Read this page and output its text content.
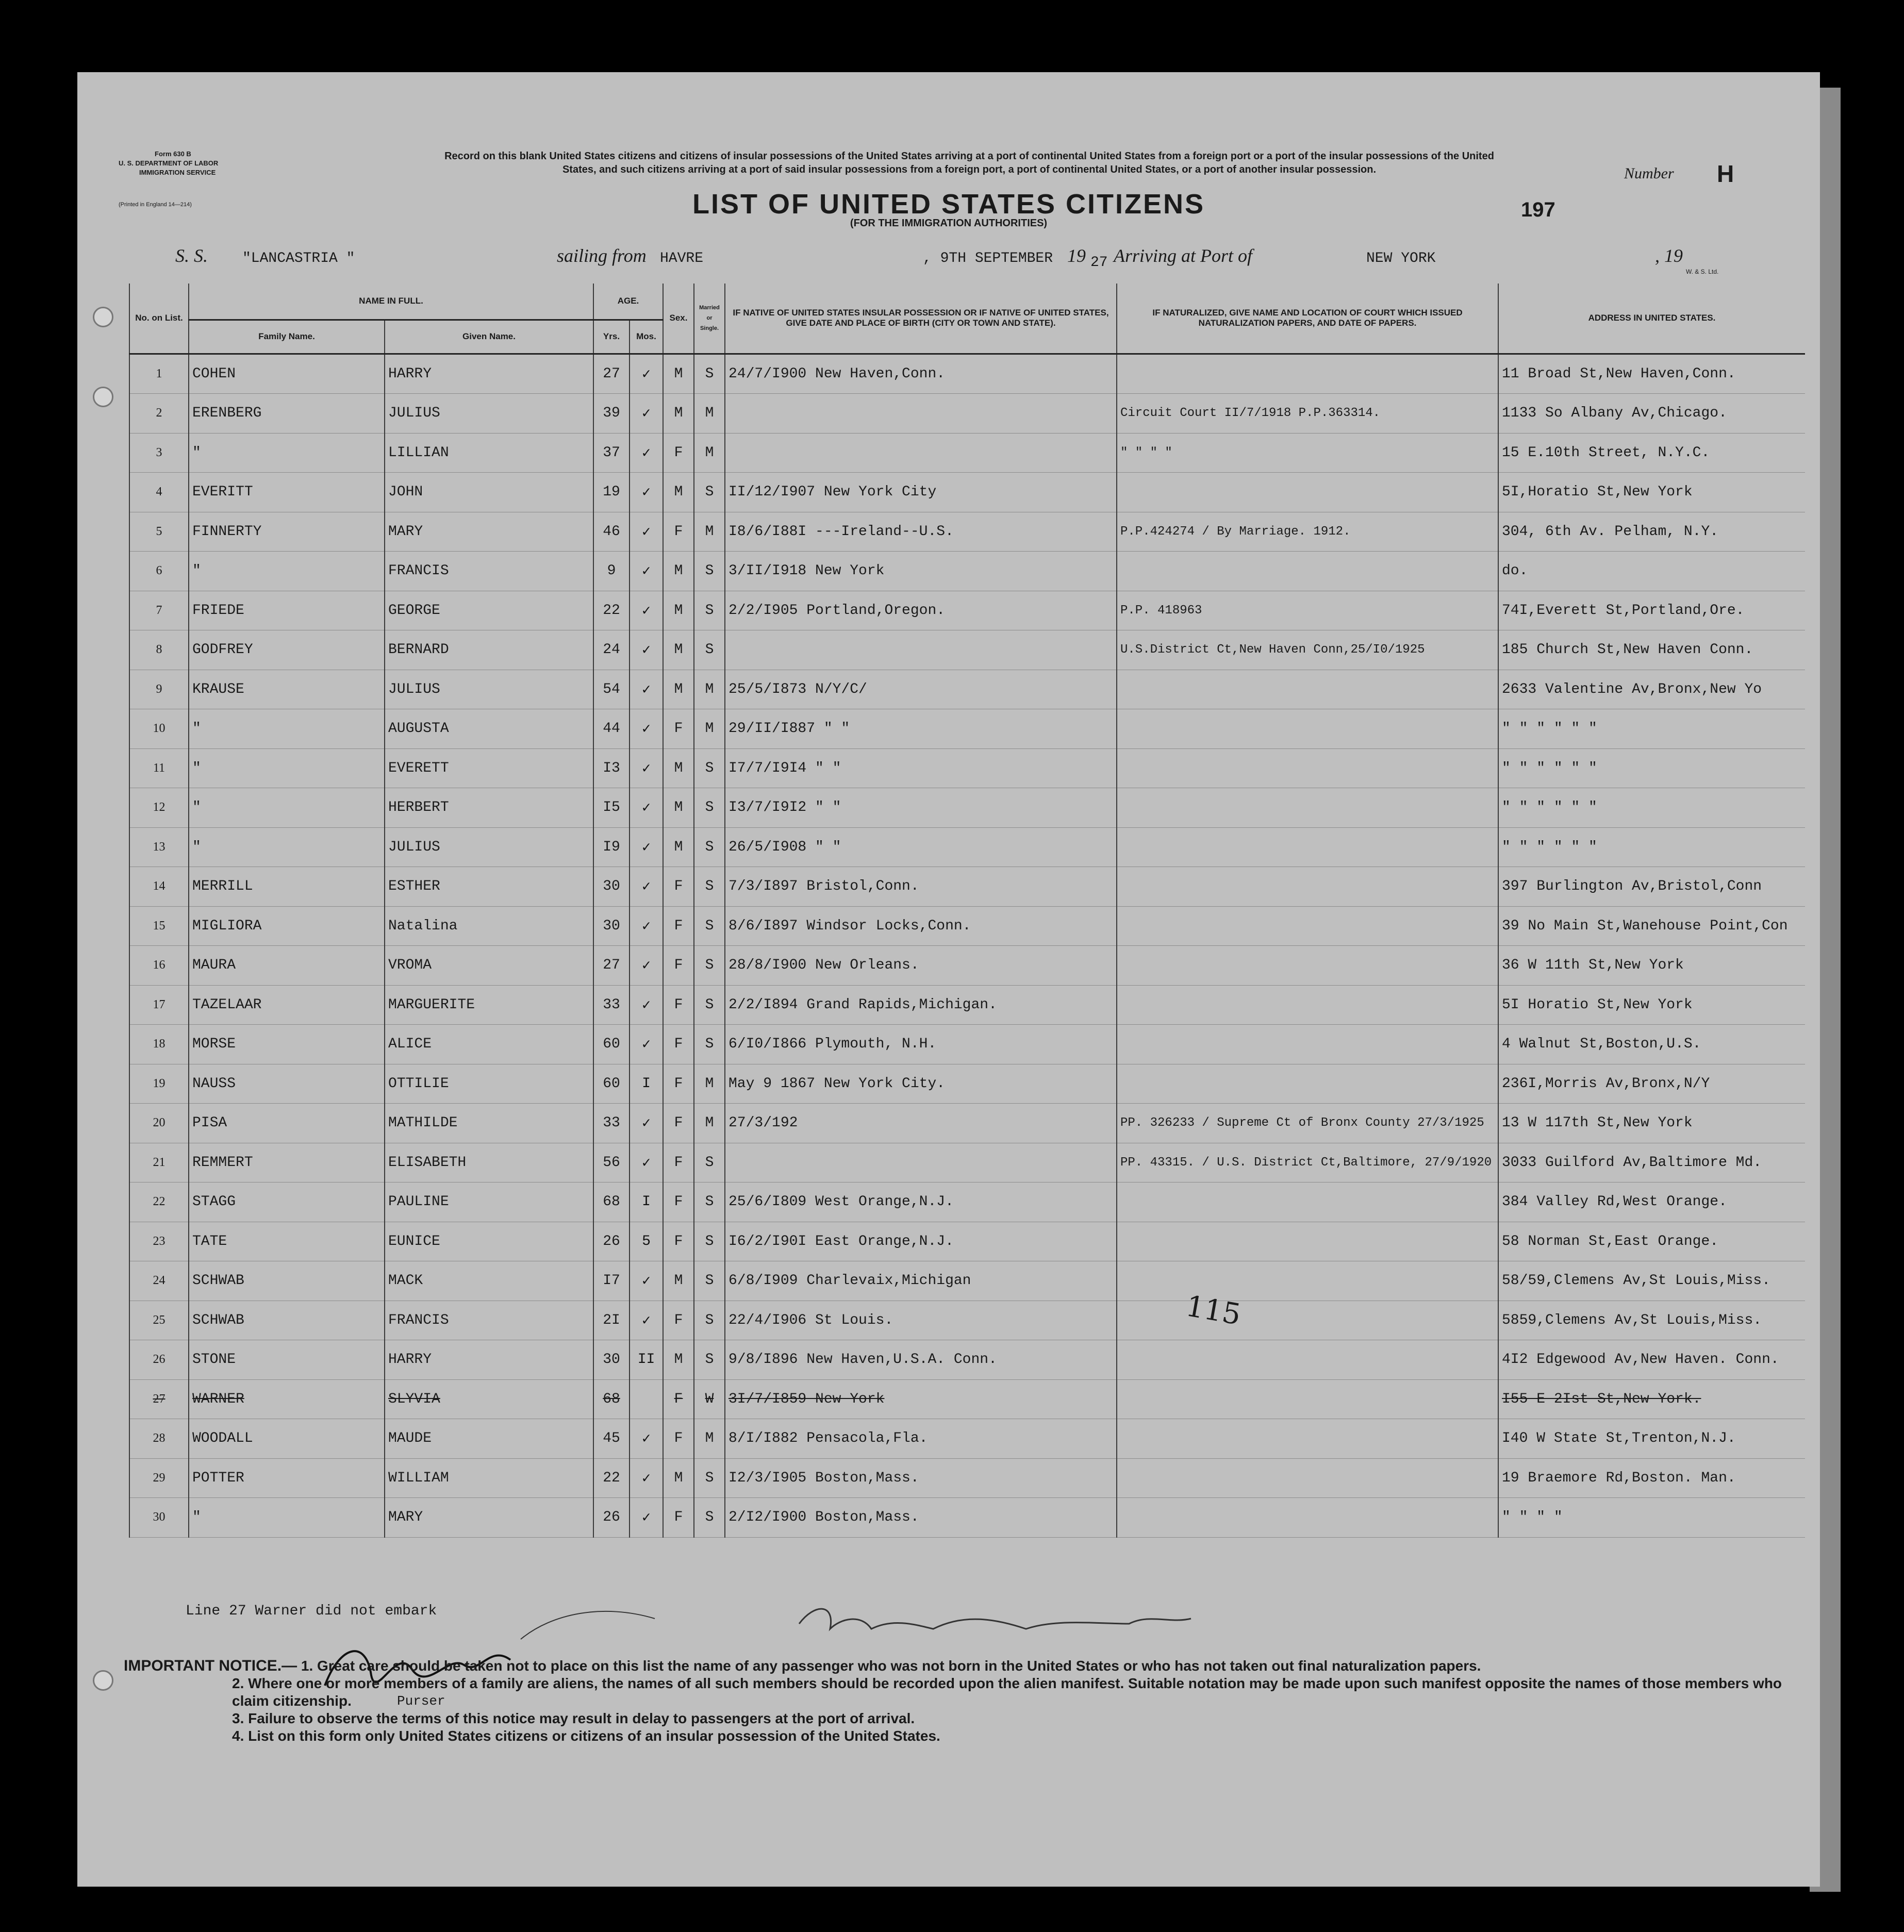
Form 630 B
U. S. DEPARTMENT OF LABOR
IMMIGRATION SERVICE
(Printed in England 14—214)
Record on this blank United States citizens and citizens of insular possessions of the United States arriving at a port of continental United States from a foreign port or a port of the insular possessions of the United States, and such citizens arriving at a port of said insular possessions from a foreign port, a port of continental United States, or a port of another insular possession.
LIST OF UNITED STATES CITIZENS
(FOR THE IMMIGRATION AUTHORITIES)
Number H
197
S. S. "LANCASTRIA "	sailing from HAVRE	, 9TH SEPTEMBER 19 27 Arriving at Port of	NEW YORK	, 19
W. & S. Ltd.
No. on List.	NAME IN FULL.		AGE.		Sex.	Married or Single.	IF NATIVE OF UNITED STATES INSULAR POSSESSION OR IF NATIVE OF UNITED STATES, GIVE DATE AND PLACE OF BIRTH (CITY OR TOWN AND STATE).	IF NATURALIZED, GIVE NAME AND LOCATION OF COURT WHICH ISSUED NATURALIZATION PAPERS, AND DATE OF PAPERS.	ADDRESS IN UNITED STATES.
	Family Name.	Given Name.	Yrs.	Mos.					
1	COHEN	HARRY	27	✓	M	S	24/7/I900 New Haven,Conn.		11 Broad St,New Haven,Conn.
2	ERENBERG	JULIUS	39	✓	M	M		Circuit Court II/7/1918 P.P.363314.	1133 So Albany Av,Chicago.
3	"	LILLIAN	37	✓	F	M		" " " "	15 E.10th Street, N.Y.C.
4	EVERITT	JOHN	19	✓	M	S	II/12/I907 New York City		5I,Horatio St,New York
5	FINNERTY	MARY	46	✓	F	M	I8/6/I88I ---Ireland--U.S.	P.P.424274 / By Marriage. 1912.	304, 6th Av. Pelham, N.Y.
6	"	FRANCIS	9	✓	M	S	3/II/I918 New York		do.
7	FRIEDE	GEORGE	22	✓	M	S	2/2/I905 Portland,Oregon.	P.P. 418963	74I,Everett St,Portland,Ore.
8	GODFREY	BERNARD	24	✓	M	S		U.S.District Ct,New Haven Conn,25/I0/1925	185 Church St,New Haven Conn.
9	KRAUSE	JULIUS	54	✓	M	M	25/5/I873 N/Y/C/		2633 Valentine Av,Bronx,New Yo
10	"	AUGUSTA	44	✓	F	M	29/II/I887 " "		" " " " " "
11	"	EVERETT	I3	✓	M	S	I7/7/I9I4 " "		" " " " " "
12	"	HERBERT	I5	✓	M	S	I3/7/I9I2 " "		" " " " " "
13	"	JULIUS	I9	✓	M	S	26/5/I908 " "		" " " " " "
14	MERRILL	ESTHER	30	✓	F	S	7/3/I897 Bristol,Conn.		397 Burlington Av,Bristol,Conn
15	MIGLIORA	Natalina	30	✓	F	S	8/6/I897 Windsor Locks,Conn.		39 No Main St,Wanehouse Point,Con
16	MAURA	VROMA	27	✓	F	S	28/8/I900 New Orleans.		36 W 11th St,New York
17	TAZELAAR	MARGUERITE	33	✓	F	S	2/2/I894 Grand Rapids,Michigan.		5I Horatio St,New York
18	MORSE	ALICE	60	✓	F	S	6/I0/I866 Plymouth, N.H.		4 Walnut St,Boston,U.S.
19	NAUSS	OTTILIE	60	I	F	M	May 9 1867 New York City.		236I,Morris Av,Bronx,N/Y
20	PISA	MATHILDE	33	✓	F	M	27/3/192	PP. 326233 / Supreme Ct of Bronx County 27/3/1925	13 W 117th St,New York
21	REMMERT	ELISABETH	56	✓	F	S		PP. 43315. / U.S. District Ct,Baltimore, 27/9/1920	3033 Guilford Av,Baltimore Md.
22	STAGG	PAULINE	68	I	F	S	25/6/I809 West Orange,N.J.		384 Valley Rd,West Orange.
23	TATE	EUNICE	26	5	F	S	I6/2/I90I East Orange,N.J.		58 Norman St,East Orange.
24	SCHWAB	MACK	I7	✓	M	S	6/8/I909 Charlevaix,Michigan		58/59,Clemens Av,St Louis,Miss.
25	SCHWAB	FRANCIS	2I	✓	F	S	22/4/I906 St Louis.		5859,Clemens Av,St Louis,Miss.
26	STONE	HARRY	30	II	M	S	9/8/I896 New Haven,U.S.A. Conn.		4I2 Edgewood Av,New Haven. Conn.
27	WARNER	SLYVIA	68		F	W	3I/7/I859 New York		I55 E 2Ist St,New York.
28	WOODALL	MAUDE	45	✓	F	M	8/I/I882 Pensacola,Fla.		I40 W State St,Trenton,N.J.
29	POTTER	WILLIAM	22	✓	M	S	I2/3/I905 Boston,Mass.		19 Braemore Rd,Boston. Man.
30	"	MARY	26	✓	F	S	2/I2/I900 Boston,Mass.		" " " "
Line 27 Warner did not embark
Purser
115
IMPORTANT NOTICE.— 1. Great care should be taken not to place on this list the name of any passenger who was not born in the United States or who has not taken out final naturalization papers.
2. Where one or more members of a family are aliens, the names of all such members should be recorded upon the alien manifest. Suitable notation may be made upon such manifest opposite the names of those members who claim citizenship.
3. Failure to observe the terms of this notice may result in delay to passengers at the port of arrival.
4. List on this form only United States citizens or citizens of an insular possession of the United States.
